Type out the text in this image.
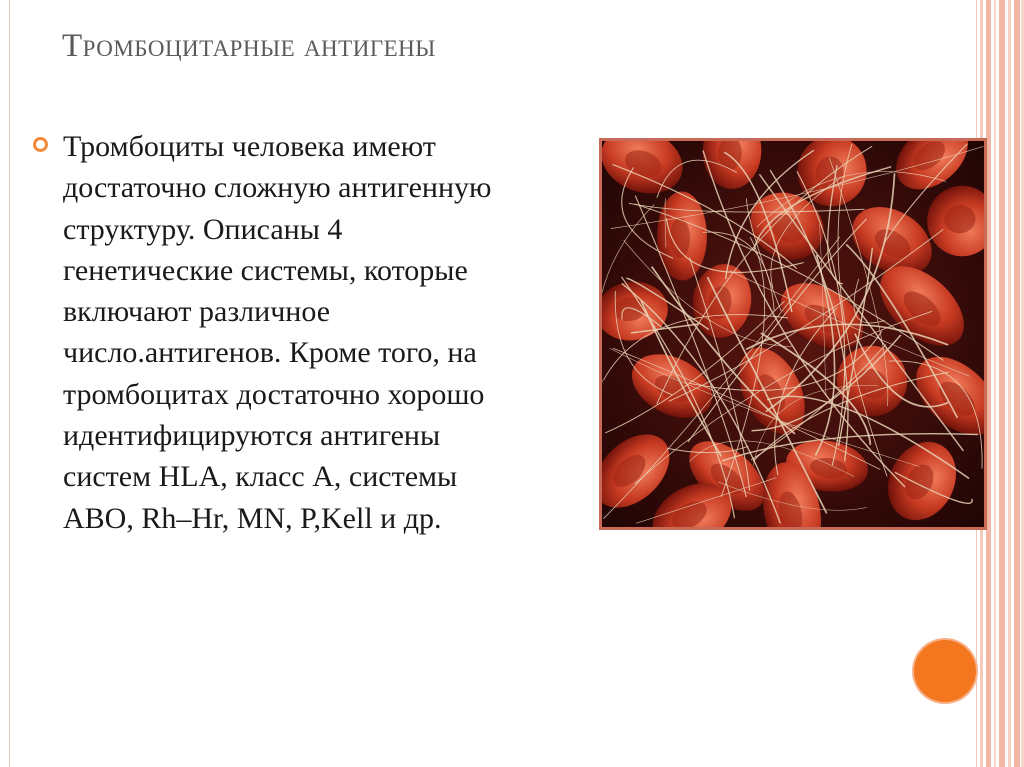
Тромбоцитарные антигены

Тромбоциты человека имеют

достаточно сложную антигенную

структуру. Описаны 4

генетические системы, которые

включают различное

число.антигенов. Кроме того, на

тромбоцитах достаточно хорошо

идентифицируются антигены

систем HLA, класс A, системы

ABO, Rh–Hr, MN, P,Kell и др.
